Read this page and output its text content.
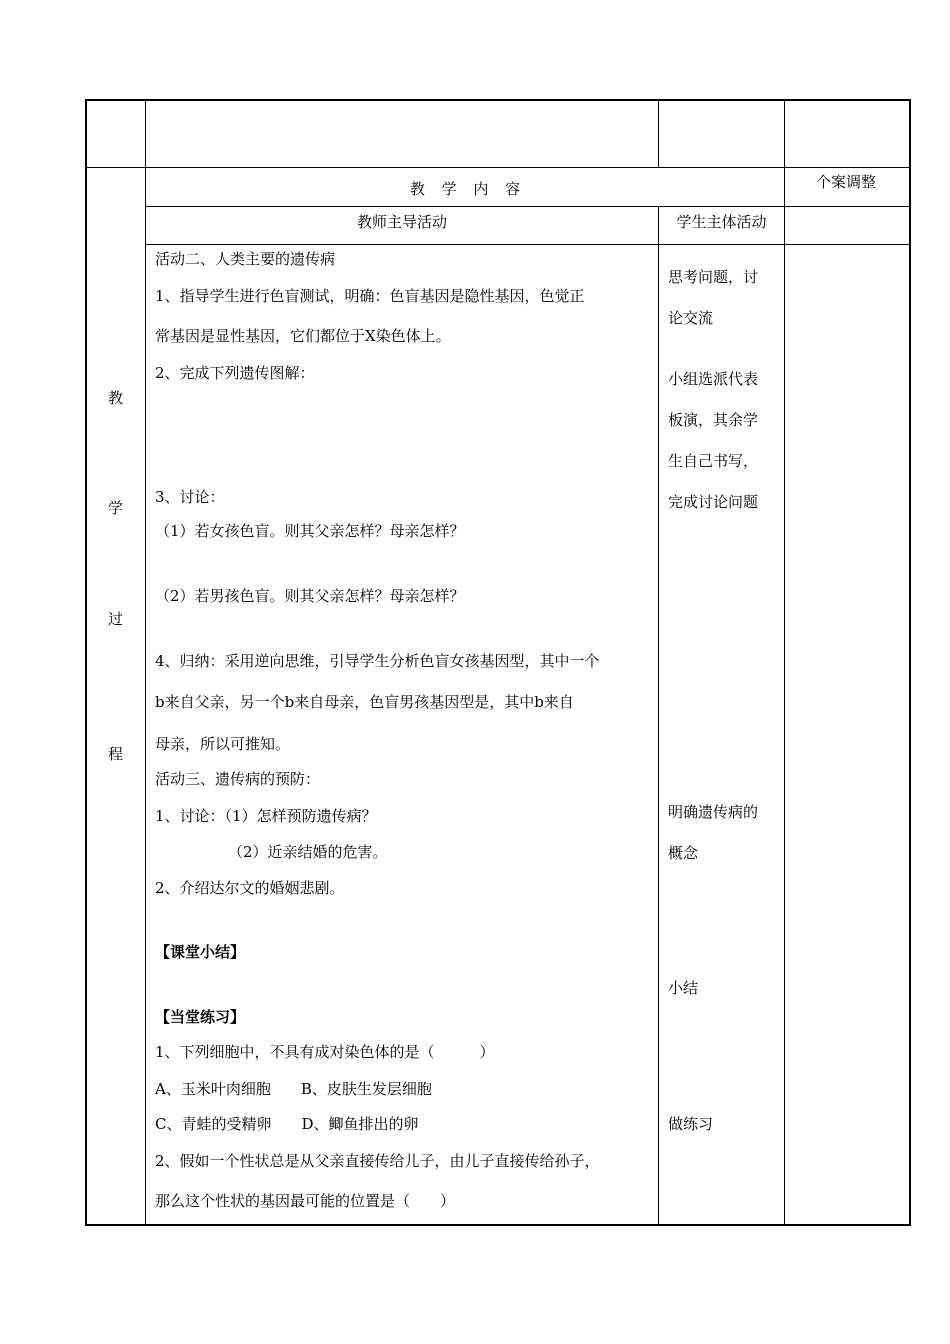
教 学 内 容	个案调整
教师主导活动	学生主体活动
教
学
过
程
活动二、人类主要的遗传病
1、指导学生进行色盲测试，明确：色盲基因是隐性基因，色觉正
常基因是显性基因，它们都位于X染色体上。
2、完成下列遗传图解：
3、讨论：
（1）若女孩色盲。则其父亲怎样？母亲怎样？
（2）若男孩色盲。则其父亲怎样？母亲怎样？
4、归纳：采用逆向思维，引导学生分析色盲女孩基因型，其中一个
b来自父亲，另一个b来自母亲，色盲男孩基因型是，其中b来自
母亲，所以可推知。
活动三、遗传病的预防：
1、讨论：（1）怎样预防遗传病？
（2）近亲结婚的危害。
2、介绍达尔文的婚姻悲剧。
【课堂小结】
【当堂练习】
1、下列细胞中，不具有成对染色体的是（　　　）
A、玉米叶肉细胞　　B、皮肤生发层细胞
C、青蛙的受精卵　　D、鲫鱼排出的卵
2、假如一个性状总是从父亲直接传给儿子，由儿子直接传给孙子，
那么这个性状的基因最可能的位置是（　　）
思考问题，讨
论交流
小组选派代表
板演，其余学
生自己书写，
完成讨论问题
明确遗传病的
概念
小结
做练习
